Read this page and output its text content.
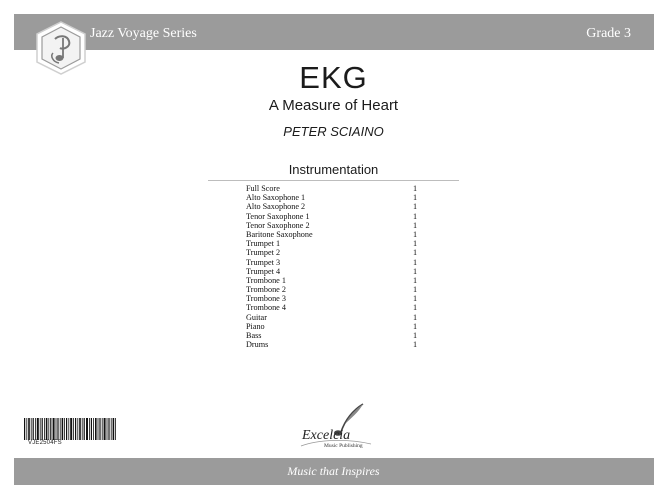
Jazz Voyage Series	Grade 3
EKG
A Measure of Heart
PETER SCIAINO
Instrumentation
Full Score	1
Alto Saxophone 1	1
Alto Saxophone 2	1
Tenor Saxophone 1	1
Tenor Saxophone 2	1
Baritone Saxophone	1
Trumpet 1	1
Trumpet 2	1
Trumpet 3	1
Trumpet 4	1
Trombone 1	1
Trombone 2	1
Trombone 3	1
Trombone 4	1
Guitar	1
Piano	1
Bass	1
Drums	1
VJE2504FS	Excelcia
Music Publishing
Music that Inspires
